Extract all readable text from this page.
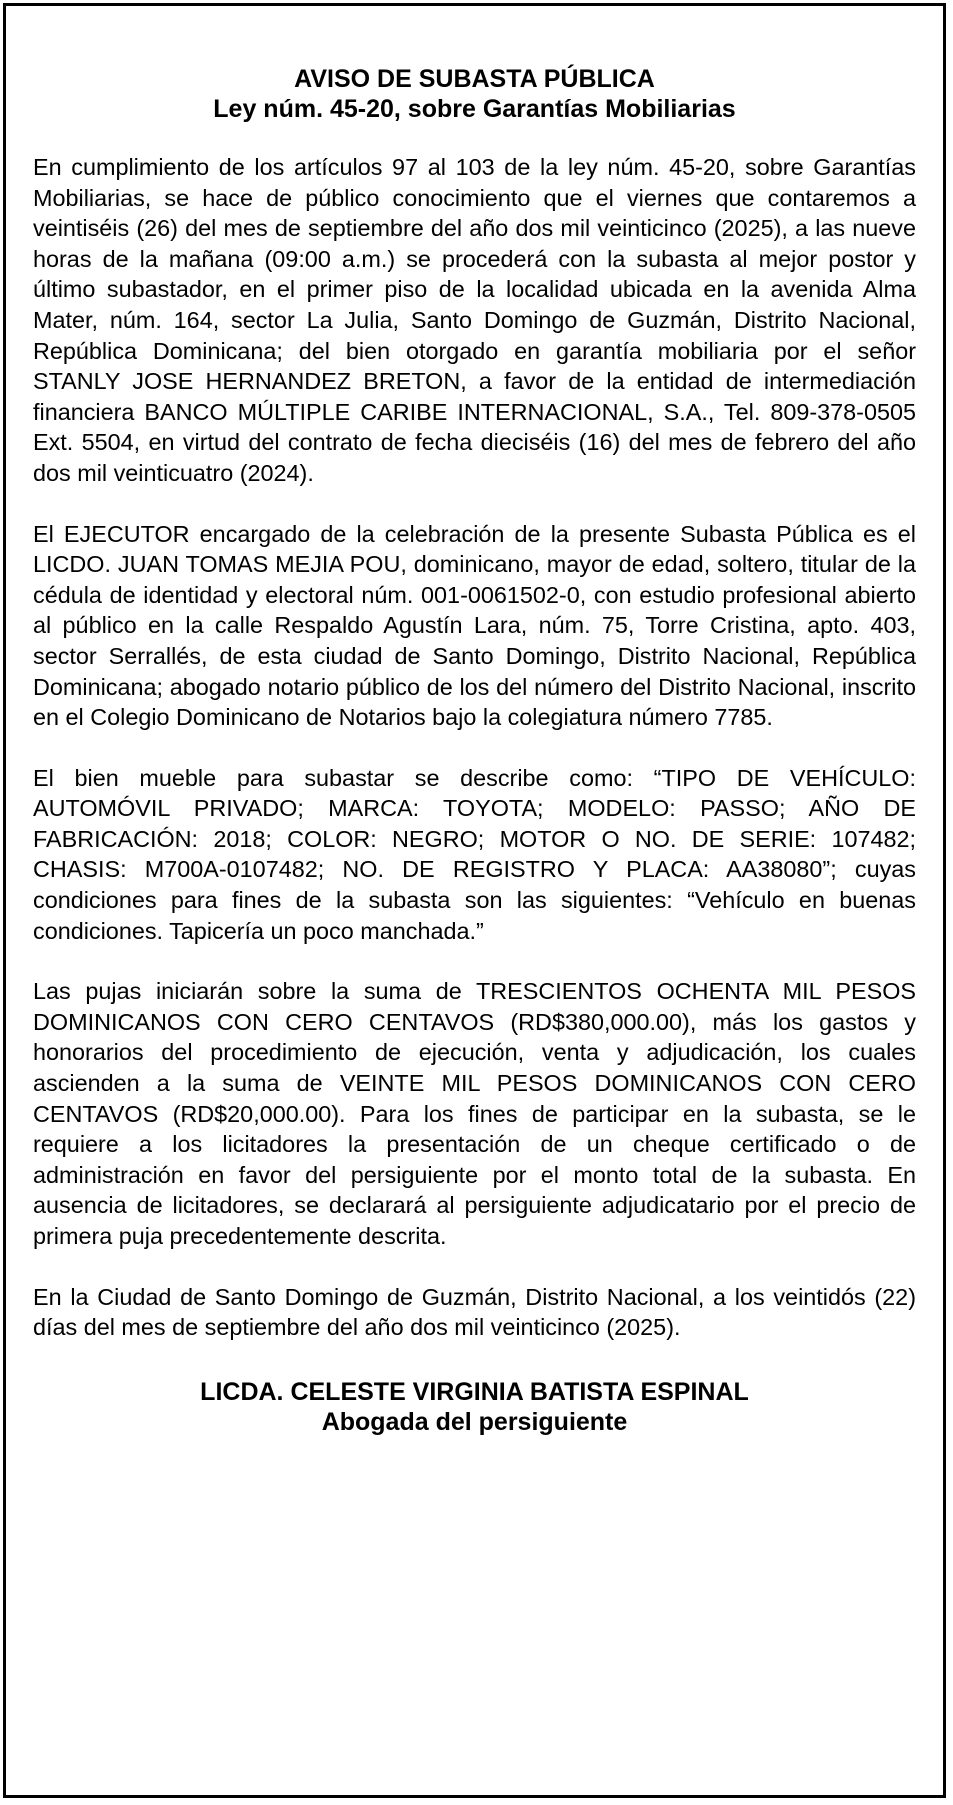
AVISO DE SUBASTA PÚBLICA

Ley núm. 45-20, sobre Garantías Mobiliarias

En cumplimiento de los artículos 97 al 103 de la ley núm. 45-20, sobre Garantías Mobiliarias, se hace de público conocimiento que el viernes que contaremos a veintiséis (26) del mes de septiembre del año dos mil veinticinco (2025), a las nueve horas de la mañana (09:00 a.m.) se procederá con la subasta al mejor postor y último subastador, en el primer piso de la localidad ubicada en la avenida Alma Mater, núm. 164, sector La Julia, Santo Domingo de Guzmán, Distrito Nacional, República Dominicana; del bien otorgado en garantía mobiliaria por el señor STANLY JOSE HERNANDEZ BRETON, a favor de la entidad de intermediación financiera BANCO MÚLTIPLE CARIBE INTERNACIONAL, S.A., Tel. 809-378-0505 Ext. 5504, en virtud del contrato de fecha dieciséis (16) del mes de febrero del año dos mil veinticuatro (2024).

El EJECUTOR encargado de la celebración de la presente Subasta Pública es el LICDO. JUAN TOMAS MEJIA POU, dominicano, mayor de edad, soltero, titular de la cédula de identidad y electoral núm. 001-0061502-0, con estudio profesional abierto al público en la calle Respaldo Agustín Lara, núm. 75, Torre Cristina, apto. 403, sector Serrallés, de esta ciudad de Santo Domingo, Distrito Nacional, República Dominicana; abogado notario público de los del número del Distrito Nacional, inscrito en el Colegio Dominicano de Notarios bajo la colegiatura número 7785.

El bien mueble para subastar se describe como: “TIPO DE VEHÍCULO: AUTOMÓVIL PRIVADO; MARCA: TOYOTA; MODELO: PASSO; AÑO DE FABRICACIÓN: 2018; COLOR: NEGRO; MOTOR O NO. DE SERIE: 107482; CHASIS: M700A-0107482; NO. DE REGISTRO Y PLACA: AA38080”; cuyas condiciones para fines de la subasta son las siguientes: “Vehículo en buenas condiciones. Tapicería un poco manchada.”

Las pujas iniciarán sobre la suma de TRESCIENTOS OCHENTA MIL PESOS DOMINICANOS CON CERO CENTAVOS (RD$380,000.00), más los gastos y honorarios del procedimiento de ejecución, venta y adjudicación, los cuales ascienden a la suma de VEINTE MIL PESOS DOMINICANOS CON CERO CENTAVOS (RD$20,000.00). Para los fines de participar en la subasta, se le requiere a los licitadores la presentación de un cheque certificado o de administración en favor del persiguiente por el monto total de la subasta. En ausencia de licitadores, se declarará al persiguiente adjudicatario por el precio de primera puja precedentemente descrita.

En la Ciudad de Santo Domingo de Guzmán, Distrito Nacional, a los veintidós (22) días del mes de septiembre del año dos mil veinticinco (2025).

LICDA. CELESTE VIRGINIA BATISTA ESPINAL

Abogada del persiguiente
